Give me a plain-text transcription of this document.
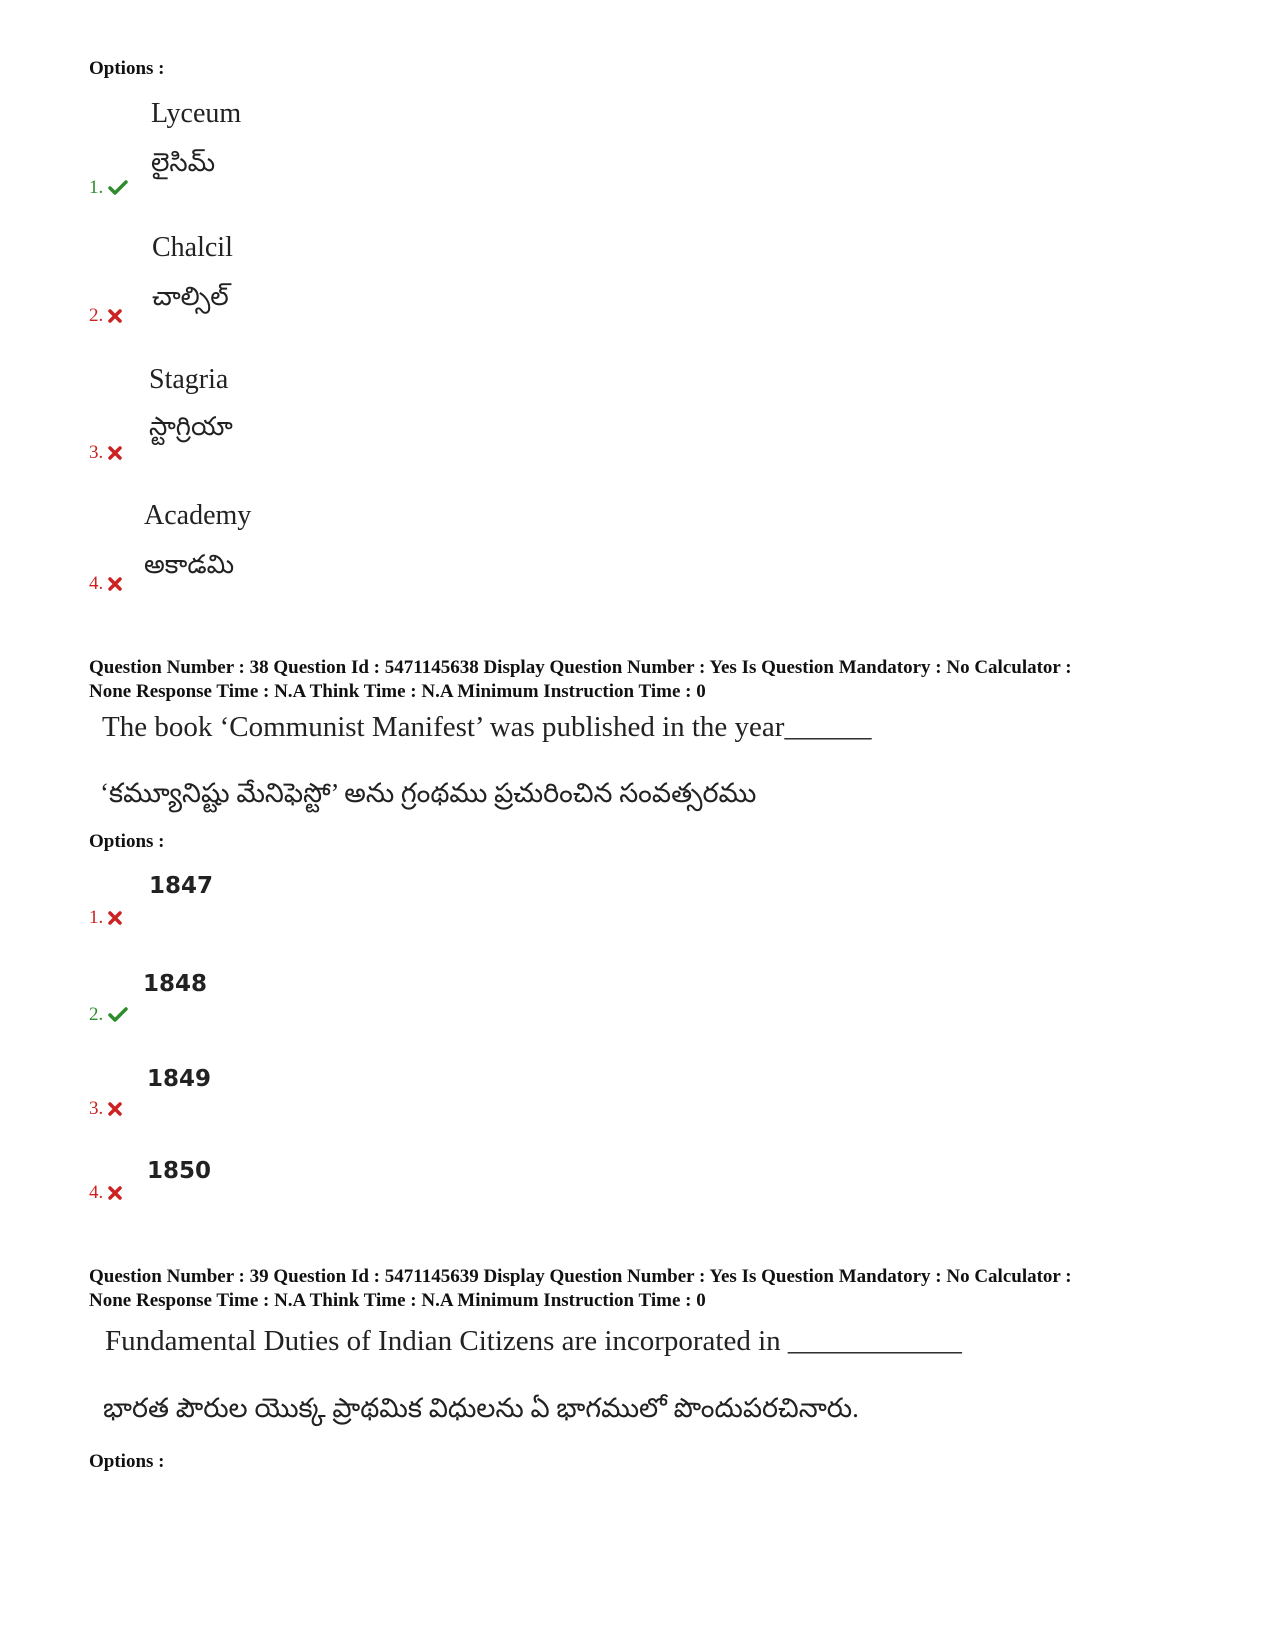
Options :
Lyceum
లైసిమ్
1.
Chalcil
చాల్సిల్
2.
Stagria
స్టాగ్రియా
3.
Academy
అకాడమి
4.
Question Number : 38 Question Id : 5471145638 Display Question Number : Yes Is Question Mandatory : No Calculator :
None Response Time : N.A Think Time : N.A Minimum Instruction Time : 0
The book ‘Communist Manifest’ was published in the year______
‘కమ్యూనిష్టు మేనిఫెస్టో’ అను గ్రంథము ప్రచురించిన సంవత్సరము
Options :
1847
1.
1848
2.
1849
3.
1850
4.
Question Number : 39 Question Id : 5471145639 Display Question Number : Yes Is Question Mandatory : No Calculator :
None Response Time : N.A Think Time : N.A Minimum Instruction Time : 0
Fundamental Duties of Indian Citizens are incorporated in ____________
భారత పౌరుల యొక్క ప్రాథమిక విధులను ఏ భాగములో పొందుపరచినారు.
Options :
